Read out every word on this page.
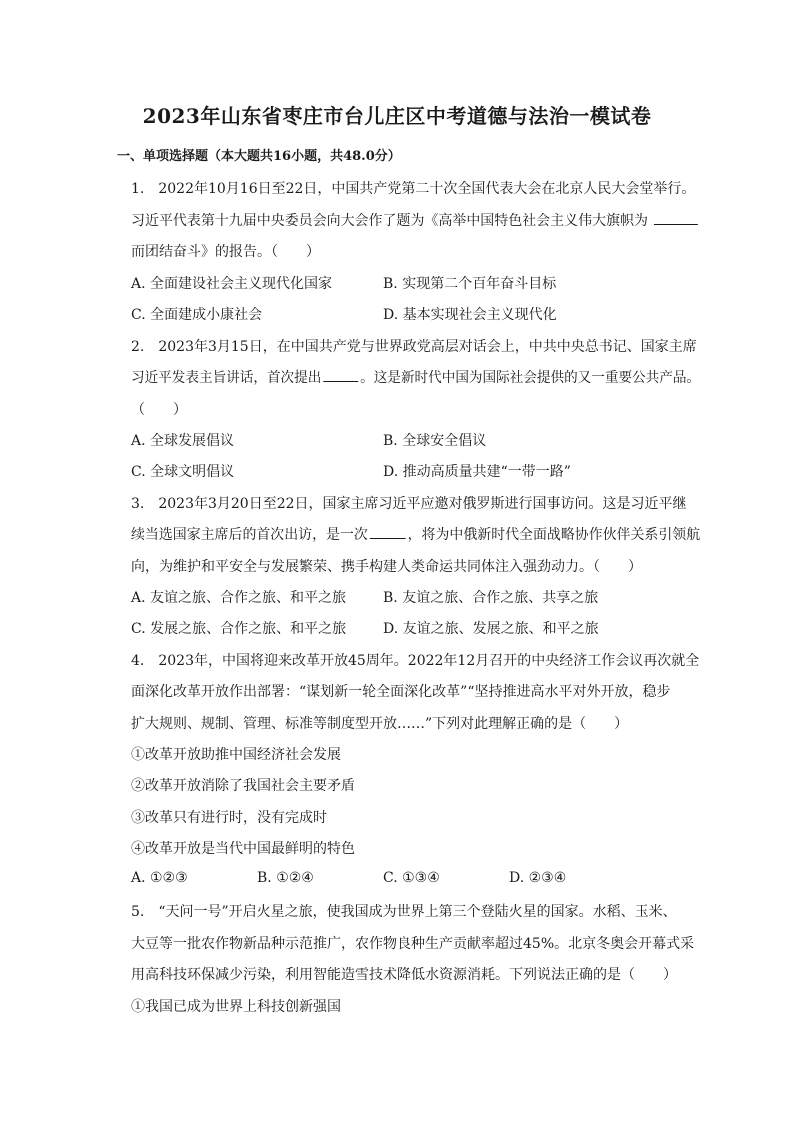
2023年山东省枣庄市台儿庄区中考道德与法治一模试卷
一、单项选择题（本大题共16小题，共48.0分）
1.　2022年10月16日至22日，中国共产党第二十次全国代表大会在北京人民大会堂举行。
习近平代表第十九届中央委员会向大会作了题为《高举中国特色社会主义伟大旗帜为
而团结奋斗》的报告。（　　）
A. 全面建设社会主义现代化国家	B. 实现第二个百年奋斗目标
C. 全面建成小康社会	D. 基本实现社会主义现代化
2.　2023年3月15日，在中国共产党与世界政党高层对话会上，中共中央总书记、国家主席
习近平发表主旨讲话，首次提出	。这是新时代中国为国际社会提供的又一重要公共产品。
（　　）
A. 全球发展倡议	B. 全球安全倡议
C. 全球文明倡议	D. 推动高质量共建“一带一路”
3.　2023年3月20日至22日，国家主席习近平应邀对俄罗斯进行国事访问。这是习近平继
续当选国家主席后的首次出访，是一次	，将为中俄新时代全面战略协作伙伴关系引领航
向，为维护和平安全与发展繁荣、携手构建人类命运共同体注入强劲动力。（　　）
A. 友谊之旅、合作之旅、和平之旅	B. 友谊之旅、合作之旅、共享之旅
C. 发展之旅、合作之旅、和平之旅	D. 友谊之旅、发展之旅、和平之旅
4.　2023年，中国将迎来改革开放45周年。2022年12月召开的中央经济工作会议再次就全
面深化改革开放作出部署：“谋划新一轮全面深化改革”“坚持推进高水平对外开放，稳步
扩大规则、规制、管理、标准等制度型开放……”下列对此理解正确的是（　　）
①改革开放助推中国经济社会发展
②改革开放消除了我国社会主要矛盾
③改革只有进行时，没有完成时
④改革开放是当代中国最鲜明的特色
A. ①②③	B. ①②④	C. ①③④	D. ②③④
5.　“天问一号”开启火星之旅，使我国成为世界上第三个登陆火星的国家。水稻、玉米、
大豆等一批农作物新品种示范推广，农作物良种生产贡献率超过45%。北京冬奥会开幕式采
用高科技环保减少污染，利用智能造雪技术降低水资源消耗。下列说法正确的是（　　）
①我国已成为世界上科技创新强国
